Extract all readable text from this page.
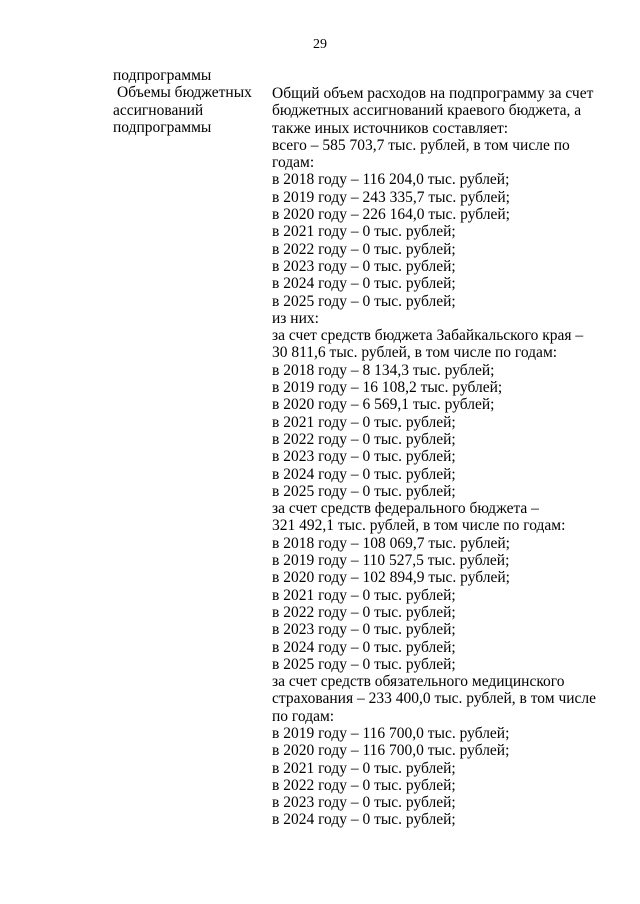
29
подпрограммы
Объемы бюджетных
ассигнований
подпрограммы
Общий объем расходов на подпрограмму за счет
бюджетных ассигнований краевого бюджета, а
также иных источников составляет:
всего – 585 703,7 тыс. рублей, в том числе по
годам:
в 2018 году – 116 204,0 тыс. рублей;
в 2019 году – 243 335,7 тыс. рублей;
в 2020 году – 226 164,0 тыс. рублей;
в 2021 году – 0 тыс. рублей;
в 2022 году – 0 тыс. рублей;
в 2023 году – 0 тыс. рублей;
в 2024 году – 0 тыс. рублей;
в 2025 году – 0 тыс. рублей;
из них:
за счет средств бюджета Забайкальского края –
30 811,6 тыс. рублей, в том числе по годам:
в 2018 году – 8 134,3 тыс. рублей;
в 2019 году – 16 108,2 тыс. рублей;
в 2020 году – 6 569,1 тыс. рублей;
в 2021 году – 0 тыс. рублей;
в 2022 году – 0 тыс. рублей;
в 2023 году – 0 тыс. рублей;
в 2024 году – 0 тыс. рублей;
в 2025 году – 0 тыс. рублей;
за счет средств федерального бюджета –
321 492,1 тыс. рублей, в том числе по годам:
в 2018 году – 108 069,7 тыс. рублей;
в 2019 году – 110 527,5 тыс. рублей;
в 2020 году – 102 894,9 тыс. рублей;
в 2021 году – 0 тыс. рублей;
в 2022 году – 0 тыс. рублей;
в 2023 году – 0 тыс. рублей;
в 2024 году – 0 тыс. рублей;
в 2025 году – 0 тыс. рублей;
за счет средств обязательного медицинского
страхования – 233 400,0 тыс. рублей, в том числе
по годам:
в 2019 году – 116 700,0 тыс. рублей;
в 2020 году – 116 700,0 тыс. рублей;
в 2021 году – 0 тыс. рублей;
в 2022 году – 0 тыс. рублей;
в 2023 году – 0 тыс. рублей;
в 2024 году – 0 тыс. рублей;
